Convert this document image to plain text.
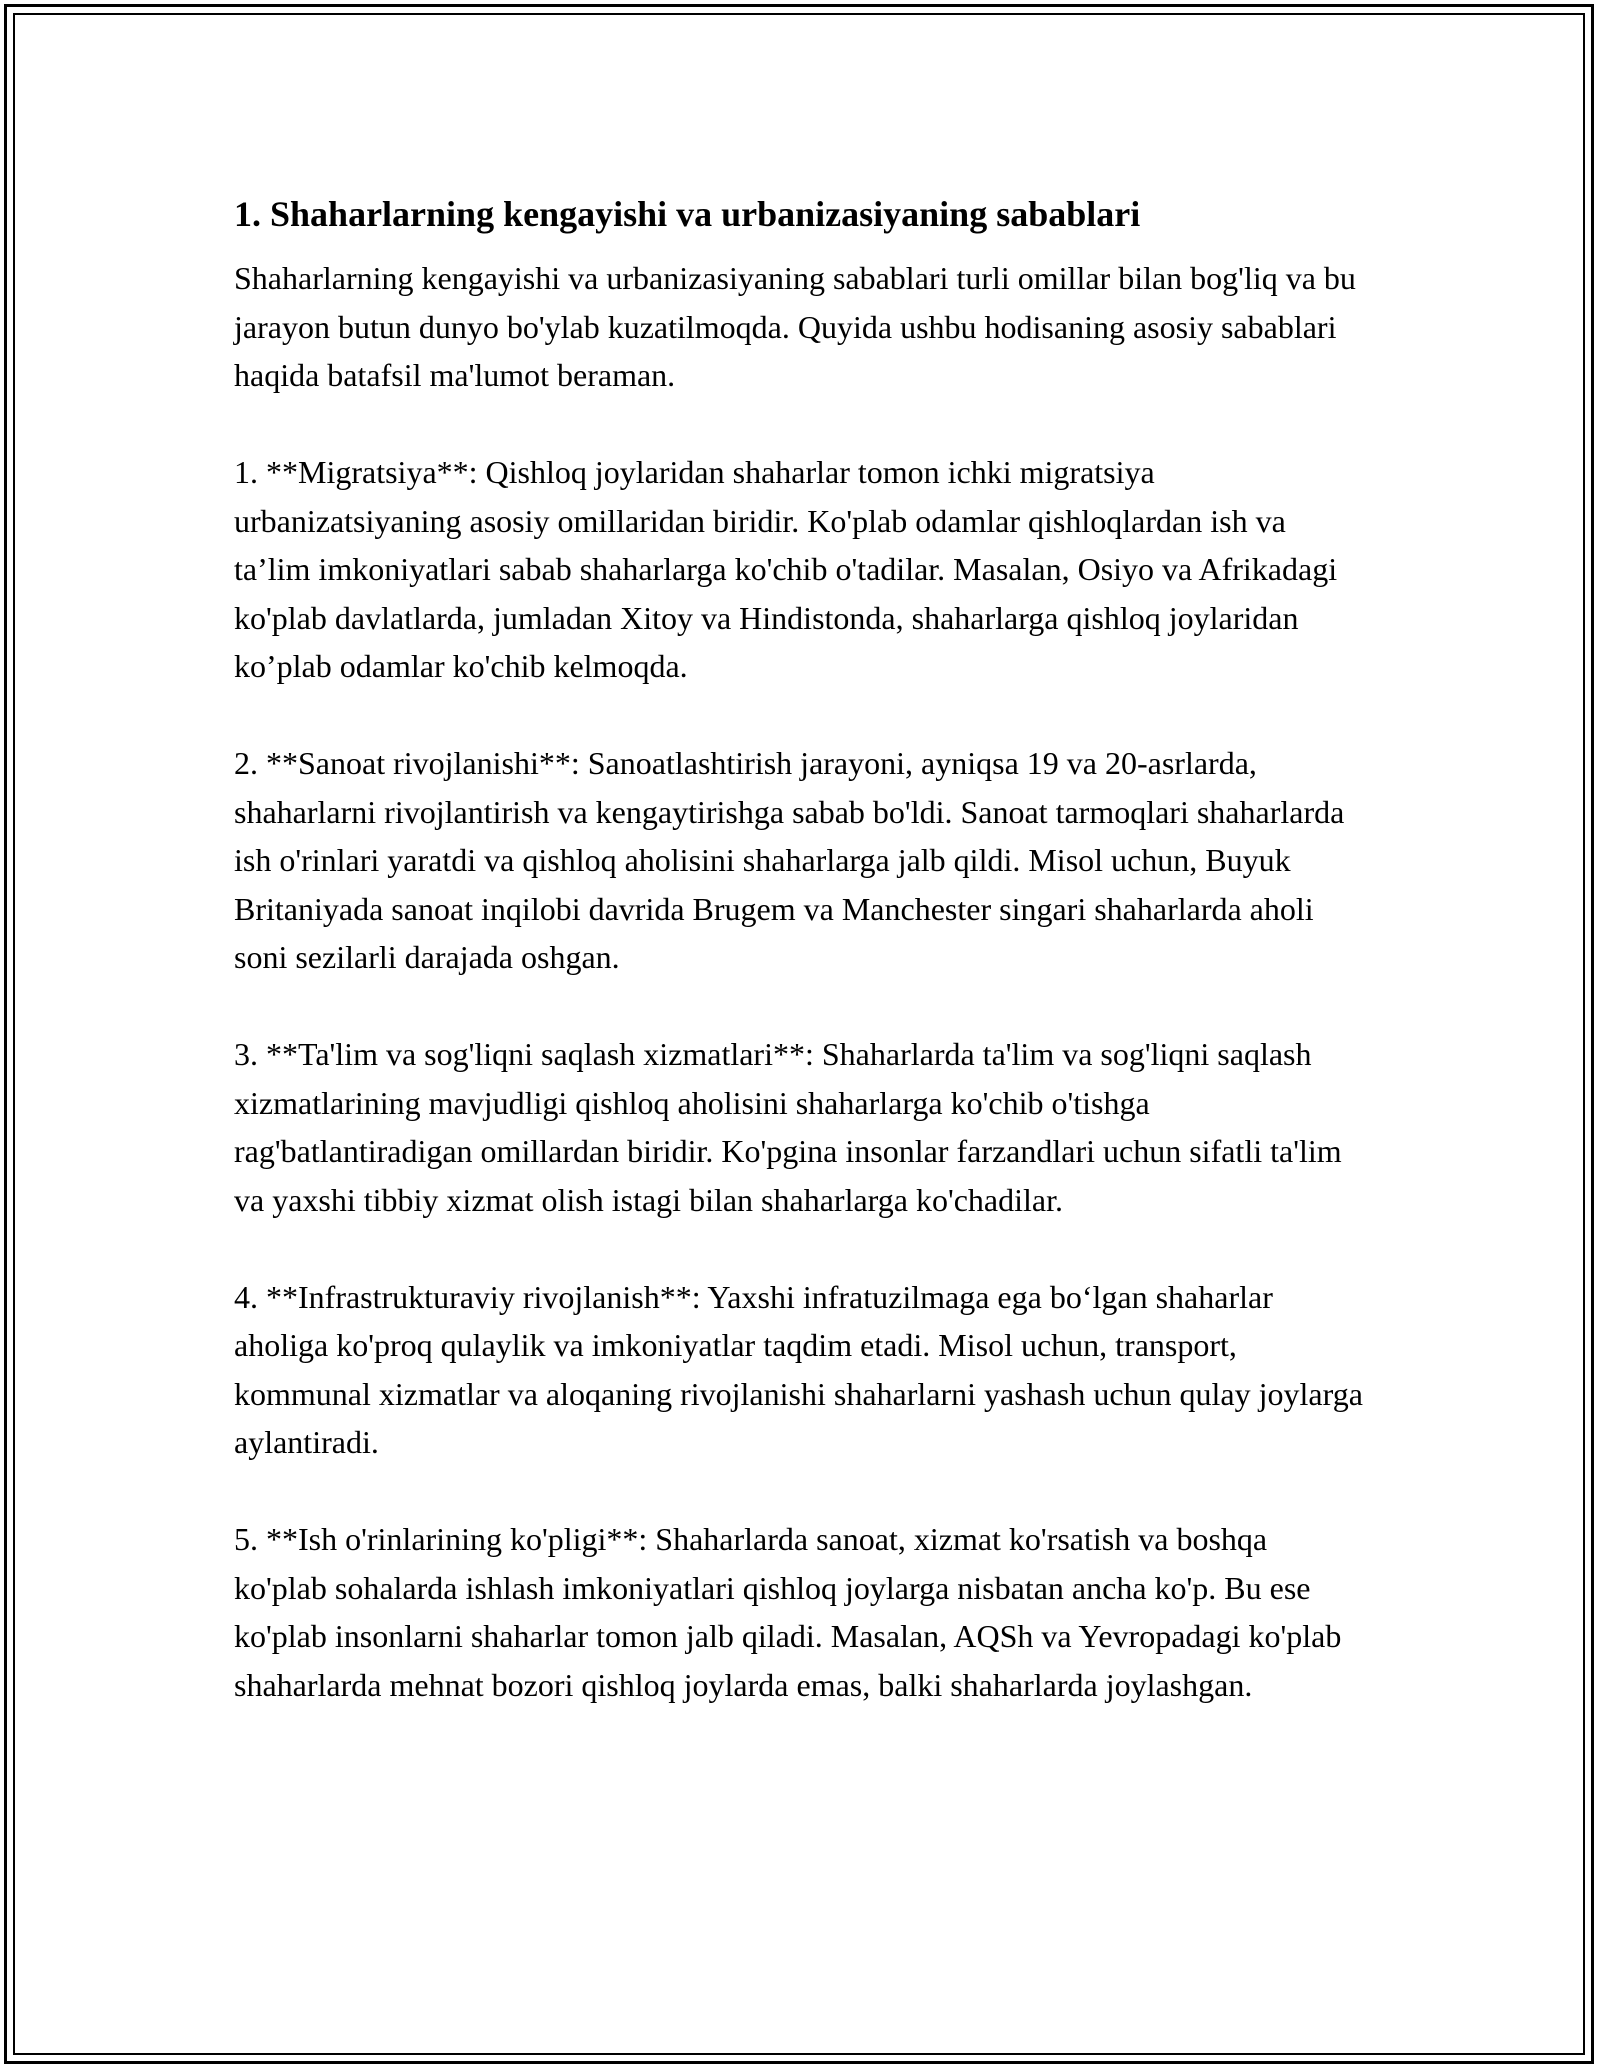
1. Shaharlarning kengayishi va urbanizasiyaning sabablari

Shaharlarning kengayishi va urbanizasiyaning sabablari turli omillar bilan bog'liq va bu jarayon butun dunyo bo'ylab kuzatilmoqda. Quyida ushbu hodisaning asosiy sabablari haqida batafsil ma'lumot beraman.

1. **Migratsiya**: Qishloq joylaridan shaharlar tomon ichki migratsiya urbanizatsiyaning asosiy omillaridan biridir. Ko'plab odamlar qishloqlardan ish va ta’lim imkoniyatlari sabab shaharlarga ko'chib o'tadilar. Masalan, Osiyo va Afrikadagi ko'plab davlatlarda, jumladan Xitoy va Hindistonda, shaharlarga qishloq joylaridan ko’plab odamlar ko'chib kelmoqda.

2. **Sanoat rivojlanishi**: Sanoatlashtirish jarayoni, ayniqsa 19 va 20-asrlarda, shaharlarni rivojlantirish va kengaytirishga sabab bo'ldi. Sanoat tarmoqlari shaharlarda ish o'rinlari yaratdi va qishloq aholisini shaharlarga jalb qildi. Misol uchun, Buyuk Britaniyada sanoat inqilobi davrida Brugem va Manchester singari shaharlarda aholi soni sezilarli darajada oshgan.

3. **Ta'lim va sog'liqni saqlash xizmatlari**: Shaharlarda ta'lim va sog'liqni saqlash xizmatlarining mavjudligi qishloq aholisini shaharlarga ko'chib o'tishga rag'batlantiradigan omillardan biridir. Ko'pgina insonlar farzandlari uchun sifatli ta'lim va yaxshi tibbiy xizmat olish istagi bilan shaharlarga ko'chadilar.

4. **Infrastrukturaviy rivojlanish**: Yaxshi infratuzilmaga ega bo‘lgan shaharlar aholiga ko'proq qulaylik va imkoniyatlar taqdim etadi. Misol uchun, transport, kommunal xizmatlar va aloqaning rivojlanishi shaharlarni yashash uchun qulay joylarga aylantiradi.

5. **Ish o'rinlarining ko'pligi**: Shaharlarda sanoat, xizmat ko'rsatish va boshqa ko'plab sohalarda ishlash imkoniyatlari qishloq joylarga nisbatan ancha ko'p. Bu ese ko'plab insonlarni shaharlar tomon jalb qiladi. Masalan, AQSh va Yevropadagi ko'plab shaharlarda mehnat bozori qishloq joylarda emas, balki shaharlarda joylashgan.
